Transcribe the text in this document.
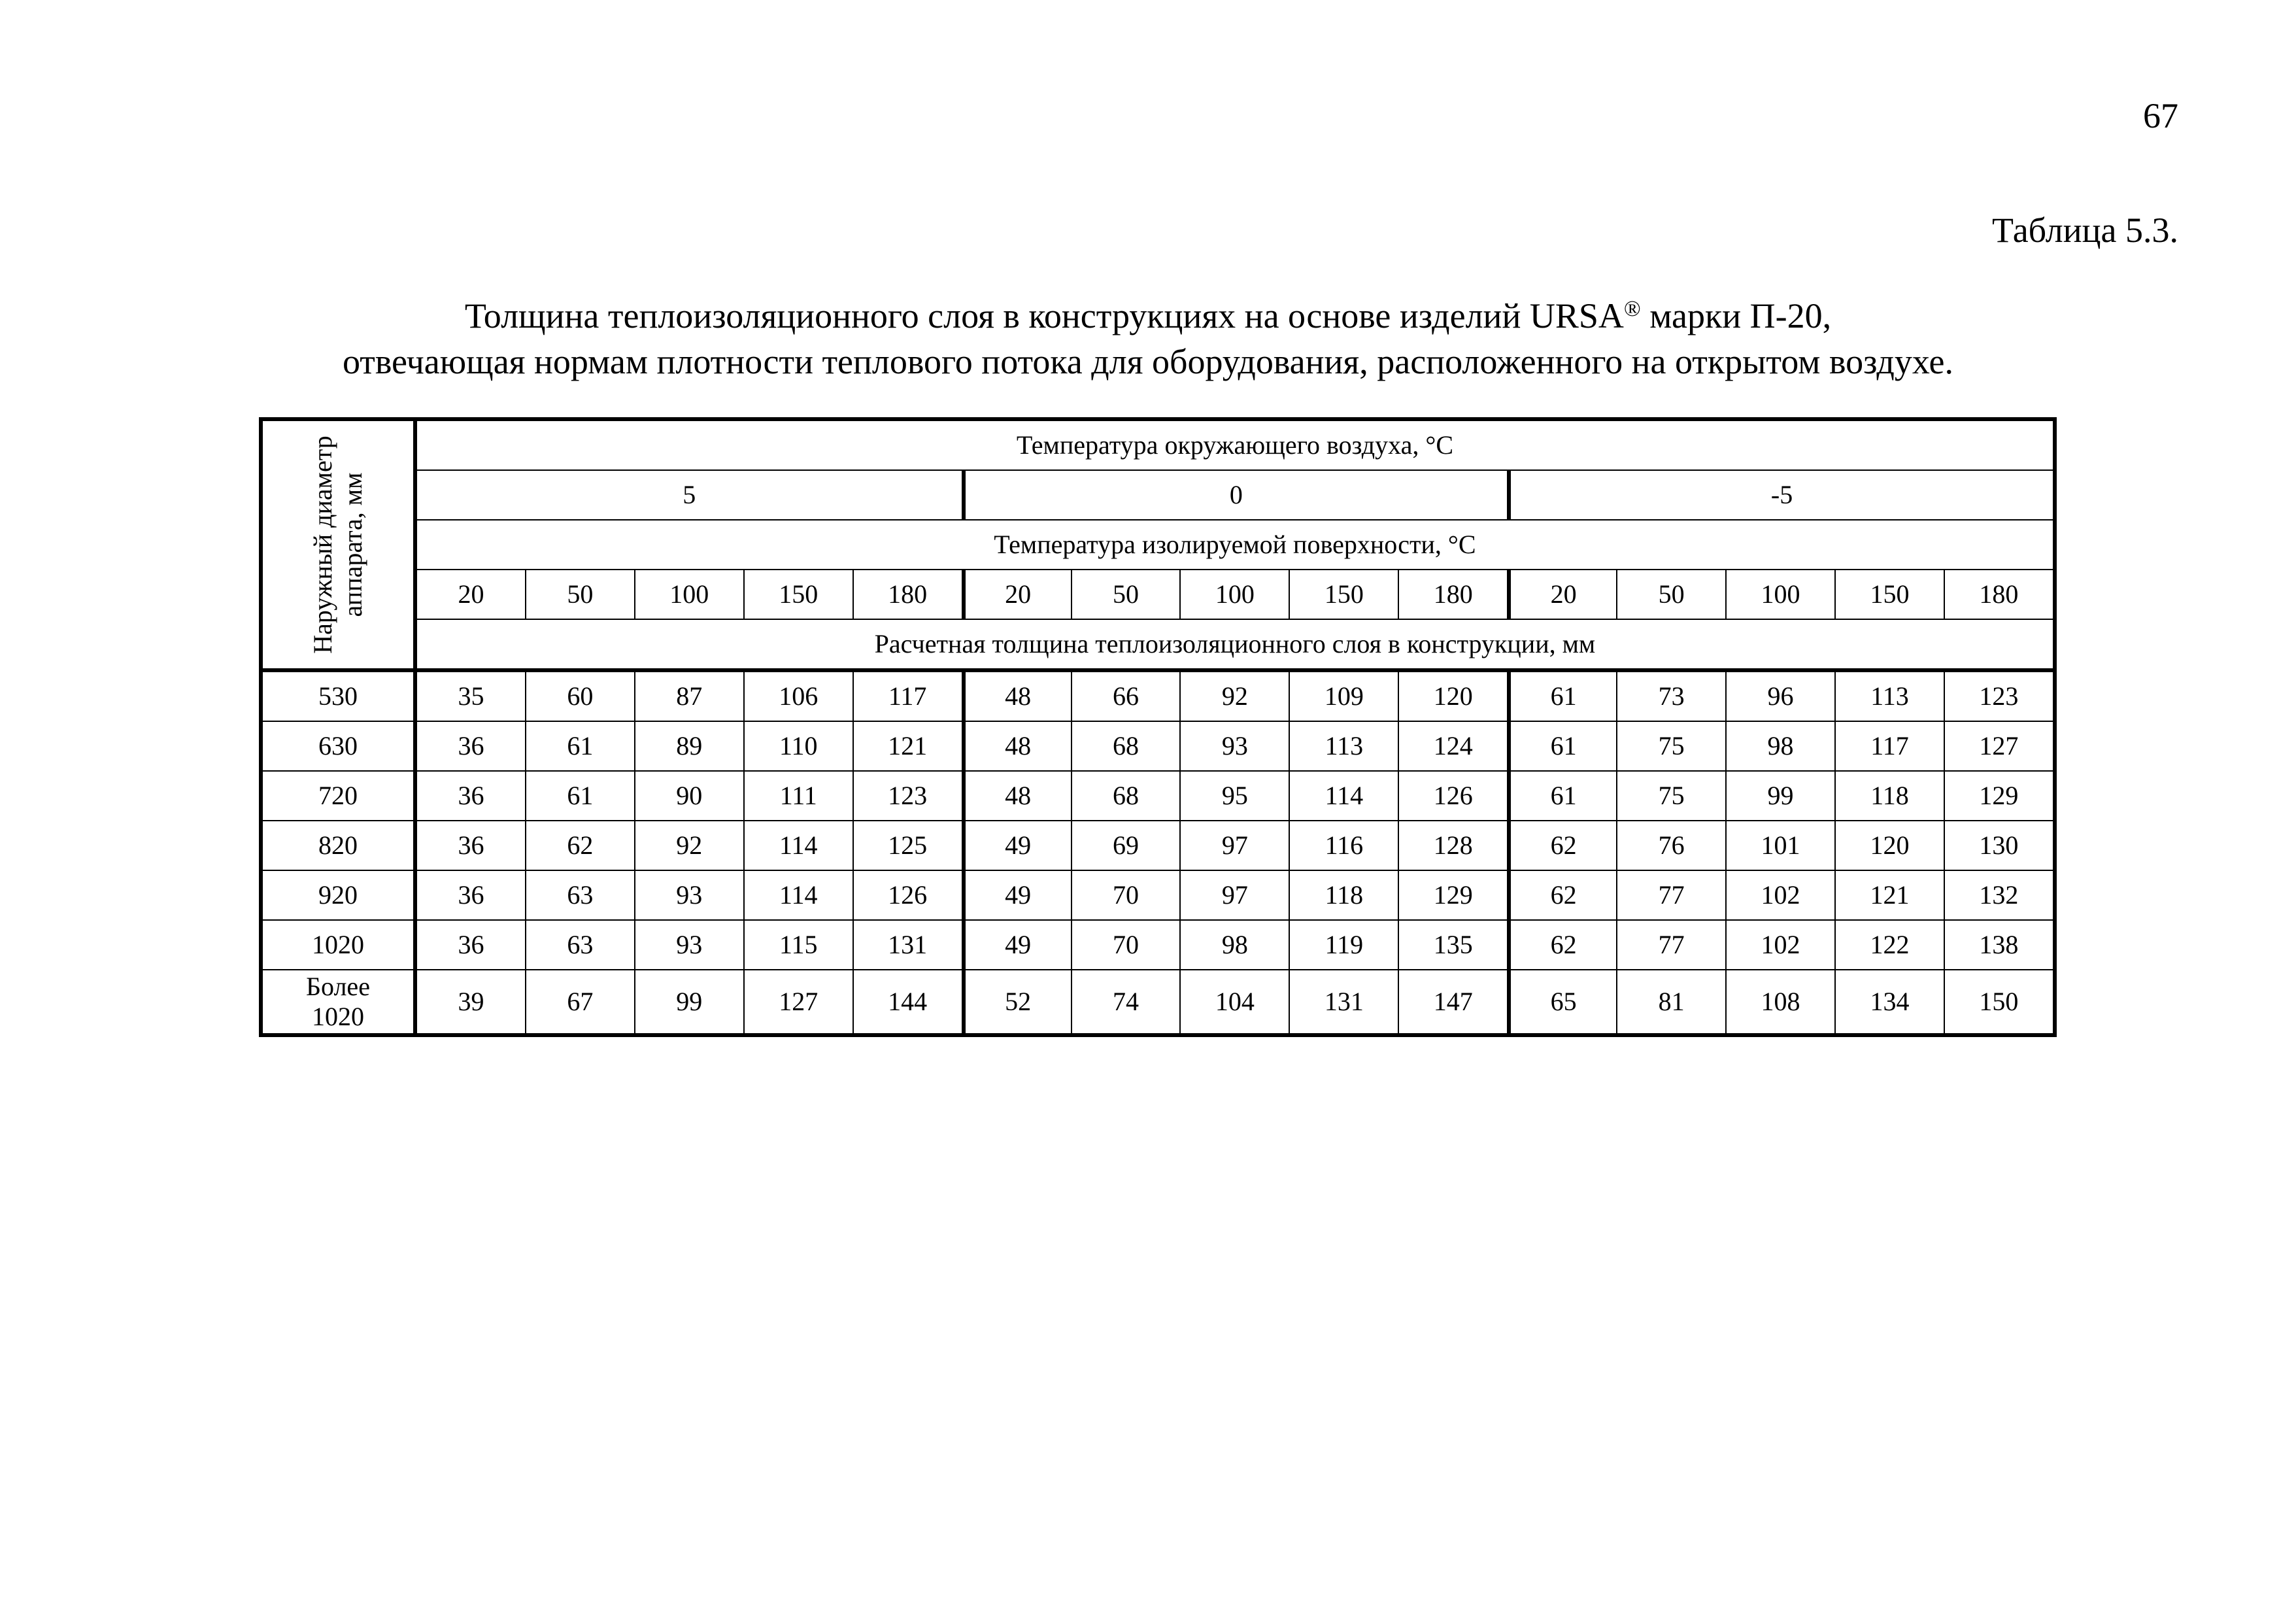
67
Таблица 5.3.
Толщина теплоизоляционного слоя в конструкциях на основе изделий URSA® марки П-20,
отвечающая нормам плотности теплового потока для оборудования, расположенного на открытом воздухе.
Наружный диаметр аппарата, мм	Температура окружающего воздуха, °С														
	5					0					-5				
	Температура изолируемой поверхности, °С														
	20	50	100	150	180	20	50	100	150	180	20	50	100	150	180
	Расчетная толщина теплоизоляционного слоя в конструкции, мм														
530	35	60	87	106	117	48	66	92	109	120	61	73	96	113	123
630	36	61	89	110	121	48	68	93	113	124	61	75	98	117	127
720	36	61	90	111	123	48	68	95	114	126	61	75	99	118	129
820	36	62	92	114	125	49	69	97	116	128	62	76	101	120	130
920	36	63	93	114	126	49	70	97	118	129	62	77	102	121	132
1020	36	63	93	115	131	49	70	98	119	135	62	77	102	122	138

Более
1020	39	67	99	127	144	52	74	104	131	147	65	81	108	134	150
